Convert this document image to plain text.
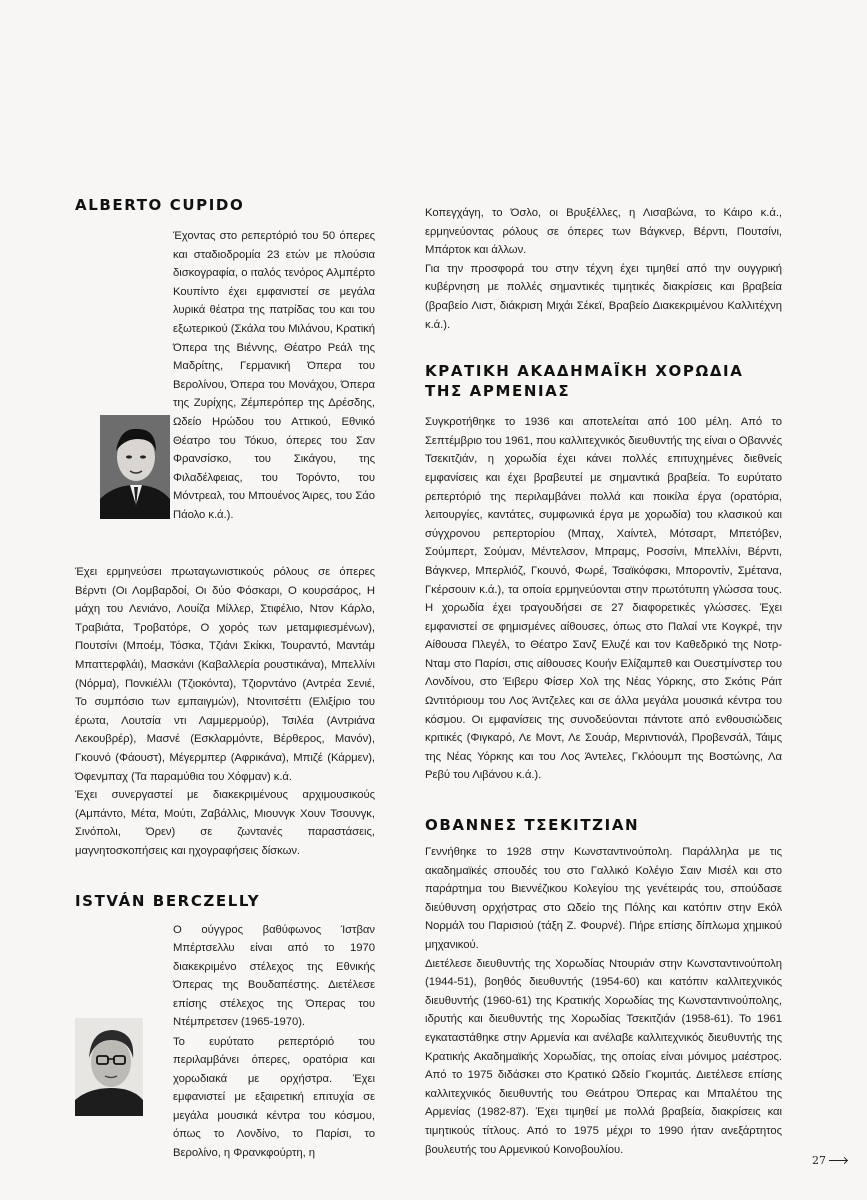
ALBERTO CUPIDO

Έχοντας στο ρεπερτόριό του 50 όπερες και σταδιοδρομία 23 ετών με πλούσια δισκογραφία, ο ιταλός τενόρος Αλμπέρτο Κουπίντο έχει εμφανιστεί σε μεγάλα λυρικά θέατρα της πατρίδας του και του εξωτερικού (Σκάλα του Μιλάνου, Κρατική Όπερα της Βιέννης, Θέατρο Ρεάλ της Μαδρίτης, Γερμανική Όπερα του Βερολίνου, Όπερα του Μονάχου, Όπερα της Ζυρίχης, Ζέμπερόπερ της Δρέσδης, Ωδείο Ηρώδου του Αττικού, Εθνικό Θέατρο του Τόκυο, όπερες του Σαν Φρανσίσκο, του Σικάγου, της Φιλαδέλφειας, του Τορόντο, του Μόντρεαλ, του Μπουένος Άιρες, του Σάο Πάολο κ.ά.).

Έχει ερμηνεύσει πρωταγωνιστικούς ρόλους σε όπερες Βέρντι (Οι Λομβαρδοί, Οι δύο Φόσκαρι, Ο κουρσάρος, Η μάχη του Λενιάνο, Λουίζα Μίλλερ, Στιφέλιο, Ντον Κάρλο, Τραβιάτα, Τροβατόρε, Ο χορός των μεταμφιεσμένων), Πουτσίνι (Μποέμ, Τόσκα, Τζιάνι Σκίκκι, Τουραντό, Μαντάμ Μπαττερφλάι), Μασκάνι (Καβαλλερία ρουστικάνα), Μπελλίνι (Νόρμα), Πονκιέλλι (Τζιοκόντα), Τζιορντάνο (Αντρέα Σενιέ, Το συμπόσιο των εμπαιγμών), Ντονιτσέττι (Ελιξίριο του έρωτα, Λουτσία ντι Λαμμερμούρ), Τσιλέα (Αντριάνα Λεκουβρέρ), Μασνέ (Εσκλαρμόντε, Βέρθερος, Μανόν), Γκουνό (Φάουστ), Μέγερμπερ (Αφρικάνα), Μπιζέ (Κάρμεν), Όφενμπαχ (Τα παραμύθια του Χόφμαν) κ.ά.

Έχει συνεργαστεί με διακεκριμένους αρχιμουσικούς (Αμπάντο, Μέτα, Μούτι, Ζαβάλλις, Μιουνγκ Χουν Τσουνγκ, Σινόπολι, Όρεν) σε ζωντανές παραστάσεις, μαγνητοσκοπήσεις και ηχογραφήσεις δίσκων.

ISTVÁN BERCZELLY

Ο ούγγρος βαθύφωνος Ίστβαν Μπέρτσελλυ είναι από το 1970 διακεκριμένο στέλεχος της Εθνικής Όπερας της Βουδαπέστης. Διετέλεσε επίσης στέλεχος της Όπερας του Ντέμπρετσεν (1965-1970).

Το ευρύτατο ρεπερτόριό του περιλαμβάνει όπερες, ορατόρια και χορωδιακά με ορχήστρα. Έχει εμφανιστεί με εξαιρετική επιτυχία σε μεγάλα μουσικά κέντρα του κόσμου, όπως το Λονδίνο, το Παρίσι, το Βερολίνο, η Φρανκφούρτη, η

Κοπεγχάγη, το Όσλο, οι Βρυξέλλες, η Λισαβώνα, το Κάιρο κ.ά., ερμηνεύοντας ρόλους σε όπερες των Βάγκνερ, Βέρντι, Πουτσίνι, Μπάρτοκ και άλλων.

Για την προσφορά του στην τέχνη έχει τιμηθεί από την ουγγρική κυβέρνηση με πολλές σημαντικές τιμητικές διακρίσεις και βραβεία (βραβείο Λιστ, διάκριση Μιχάι Σέκεϊ, Βραβείο Διακεκριμένου Καλλιτέχνη κ.ά.).

ΚΡΑΤΙΚΗ ΑΚΑΔΗΜΑΪΚΗ ΧΟΡΩΔΙΑ
ΤΗΣ ΑΡΜΕΝΙΑΣ

Συγκροτήθηκε το 1936 και αποτελείται από 100 μέλη. Από το Σεπτέμβριο του 1961, που καλλιτεχνικός διευθυντής της είναι ο Οβαννές Τσεκιτζιάν, η χορωδία έχει κάνει πολλές επιτυχημένες διεθνείς εμφανίσεις και έχει βραβευτεί με σημαντικά βραβεία. Το ευρύτατο ρεπερτόριό της περιλαμβάνει πολλά και ποικίλα έργα (ορατόρια, λειτουργίες, καντάτες, συμφωνικά έργα με χορωδία) του κλασικού και σύγχρονου ρεπερτορίου (Μπαχ, Χαίντελ, Μότσαρτ, Μπετόβεν, Σούμπερτ, Σούμαν, Μέντελσον, Μπραμς, Ροσσίνι, Μπελλίνι, Βέρντι, Βάγκνερ, Μπερλιόζ, Γκουνό, Φωρέ, Τσαϊκόφσκι, Μποροντίν, Σμέτανα, Γκέρσουιν κ.ά.), τα οποία ερμηνεύονται στην πρωτότυπη γλώσσα τους. Η χορωδία έχει τραγουδήσει σε 27 διαφορετικές γλώσσες. Έχει εμφανιστεί σε φημισμένες αίθουσες, όπως στο Παλαί ντε Κογκρέ, την Αίθουσα Πλεγέλ, το Θέατρο Σανζ Ελυζέ και τον Καθεδρικό της Νοτρ-Νταμ στο Παρίσι, στις αίθουσες Κουήν Ελίζαμπεθ και Ουεστμίνστερ του Λονδίνου, στο Έιβερυ Φίσερ Χολ της Νέας Υόρκης, στο Σκότις Ράιτ Ωντιτόριουμ του Λος Άντζελες και σε άλλα μεγάλα μουσικά κέντρα του κόσμου. Οι εμφανίσεις της συνοδεύονται πάντοτε από ενθουσιώδεις κριτικές (Φιγκαρό, Λε Μοντ, Λε Σουάρ, Μεριντιονάλ, Προβενσάλ, Τάιμς της Νέας Υόρκης και του Λος Άντελες, Γκλόουμπ της Βοστώνης, Λα Ρεβύ του Λιβάνου κ.ά.).

ΟΒΑΝΝΕΣ ΤΣΕΚΙΤΖΙΑΝ

Γεννήθηκε το 1928 στην Κωνσταντινούπολη. Παράλληλα με τις ακαδημαϊκές σπουδές του στο Γαλλικό Κολέγιο Σαιν Μισέλ και στο παράρτημα του Βιεννέζικου Κολεγίου της γενέτειράς του, σπούδασε διεύθυνση ορχήστρας στο Ωδείο της Πόλης και κατόπιν στην Εκόλ Νορμάλ του Παρισιού (τάξη Ζ. Φουρνέ). Πήρε επίσης δίπλωμα χημικού μηχανικού.

Διετέλεσε διευθυντής της Χορωδίας Ντουριάν στην Κωνσταντινούπολη (1944-51), βοηθός διευθυντής (1954-60) και κατόπιν καλλιτεχνικός διευθυντής (1960-61) της Κρατικής Χορωδίας της Κωνσταντινούπολης, ιδρυτής και διευθυντής της Χορωδίας Τσεκιτζιάν (1958-61). Το 1961 εγκαταστάθηκε στην Αρμενία και ανέλαβε καλλιτεχνικός διευθυντής της Κρατικής Ακαδημαϊκής Χορωδίας, της οποίας είναι μόνιμος μαέστρος. Από το 1975 διδάσκει στο Κρατικό Ωδείο Γκομιτάς. Διετέλεσε επίσης καλλιτεχνικός διευθυντής του Θεάτρου Όπερας και Μπαλέτου της Αρμενίας (1982-87). Έχει τιμηθεί με πολλά βραβεία, διακρίσεις και τιμητικούς τίτλους. Από το 1975 μέχρι το 1990 ήταν ανεξάρτητος βουλευτής του Αρμενικού Κοινοβουλίου.

27
